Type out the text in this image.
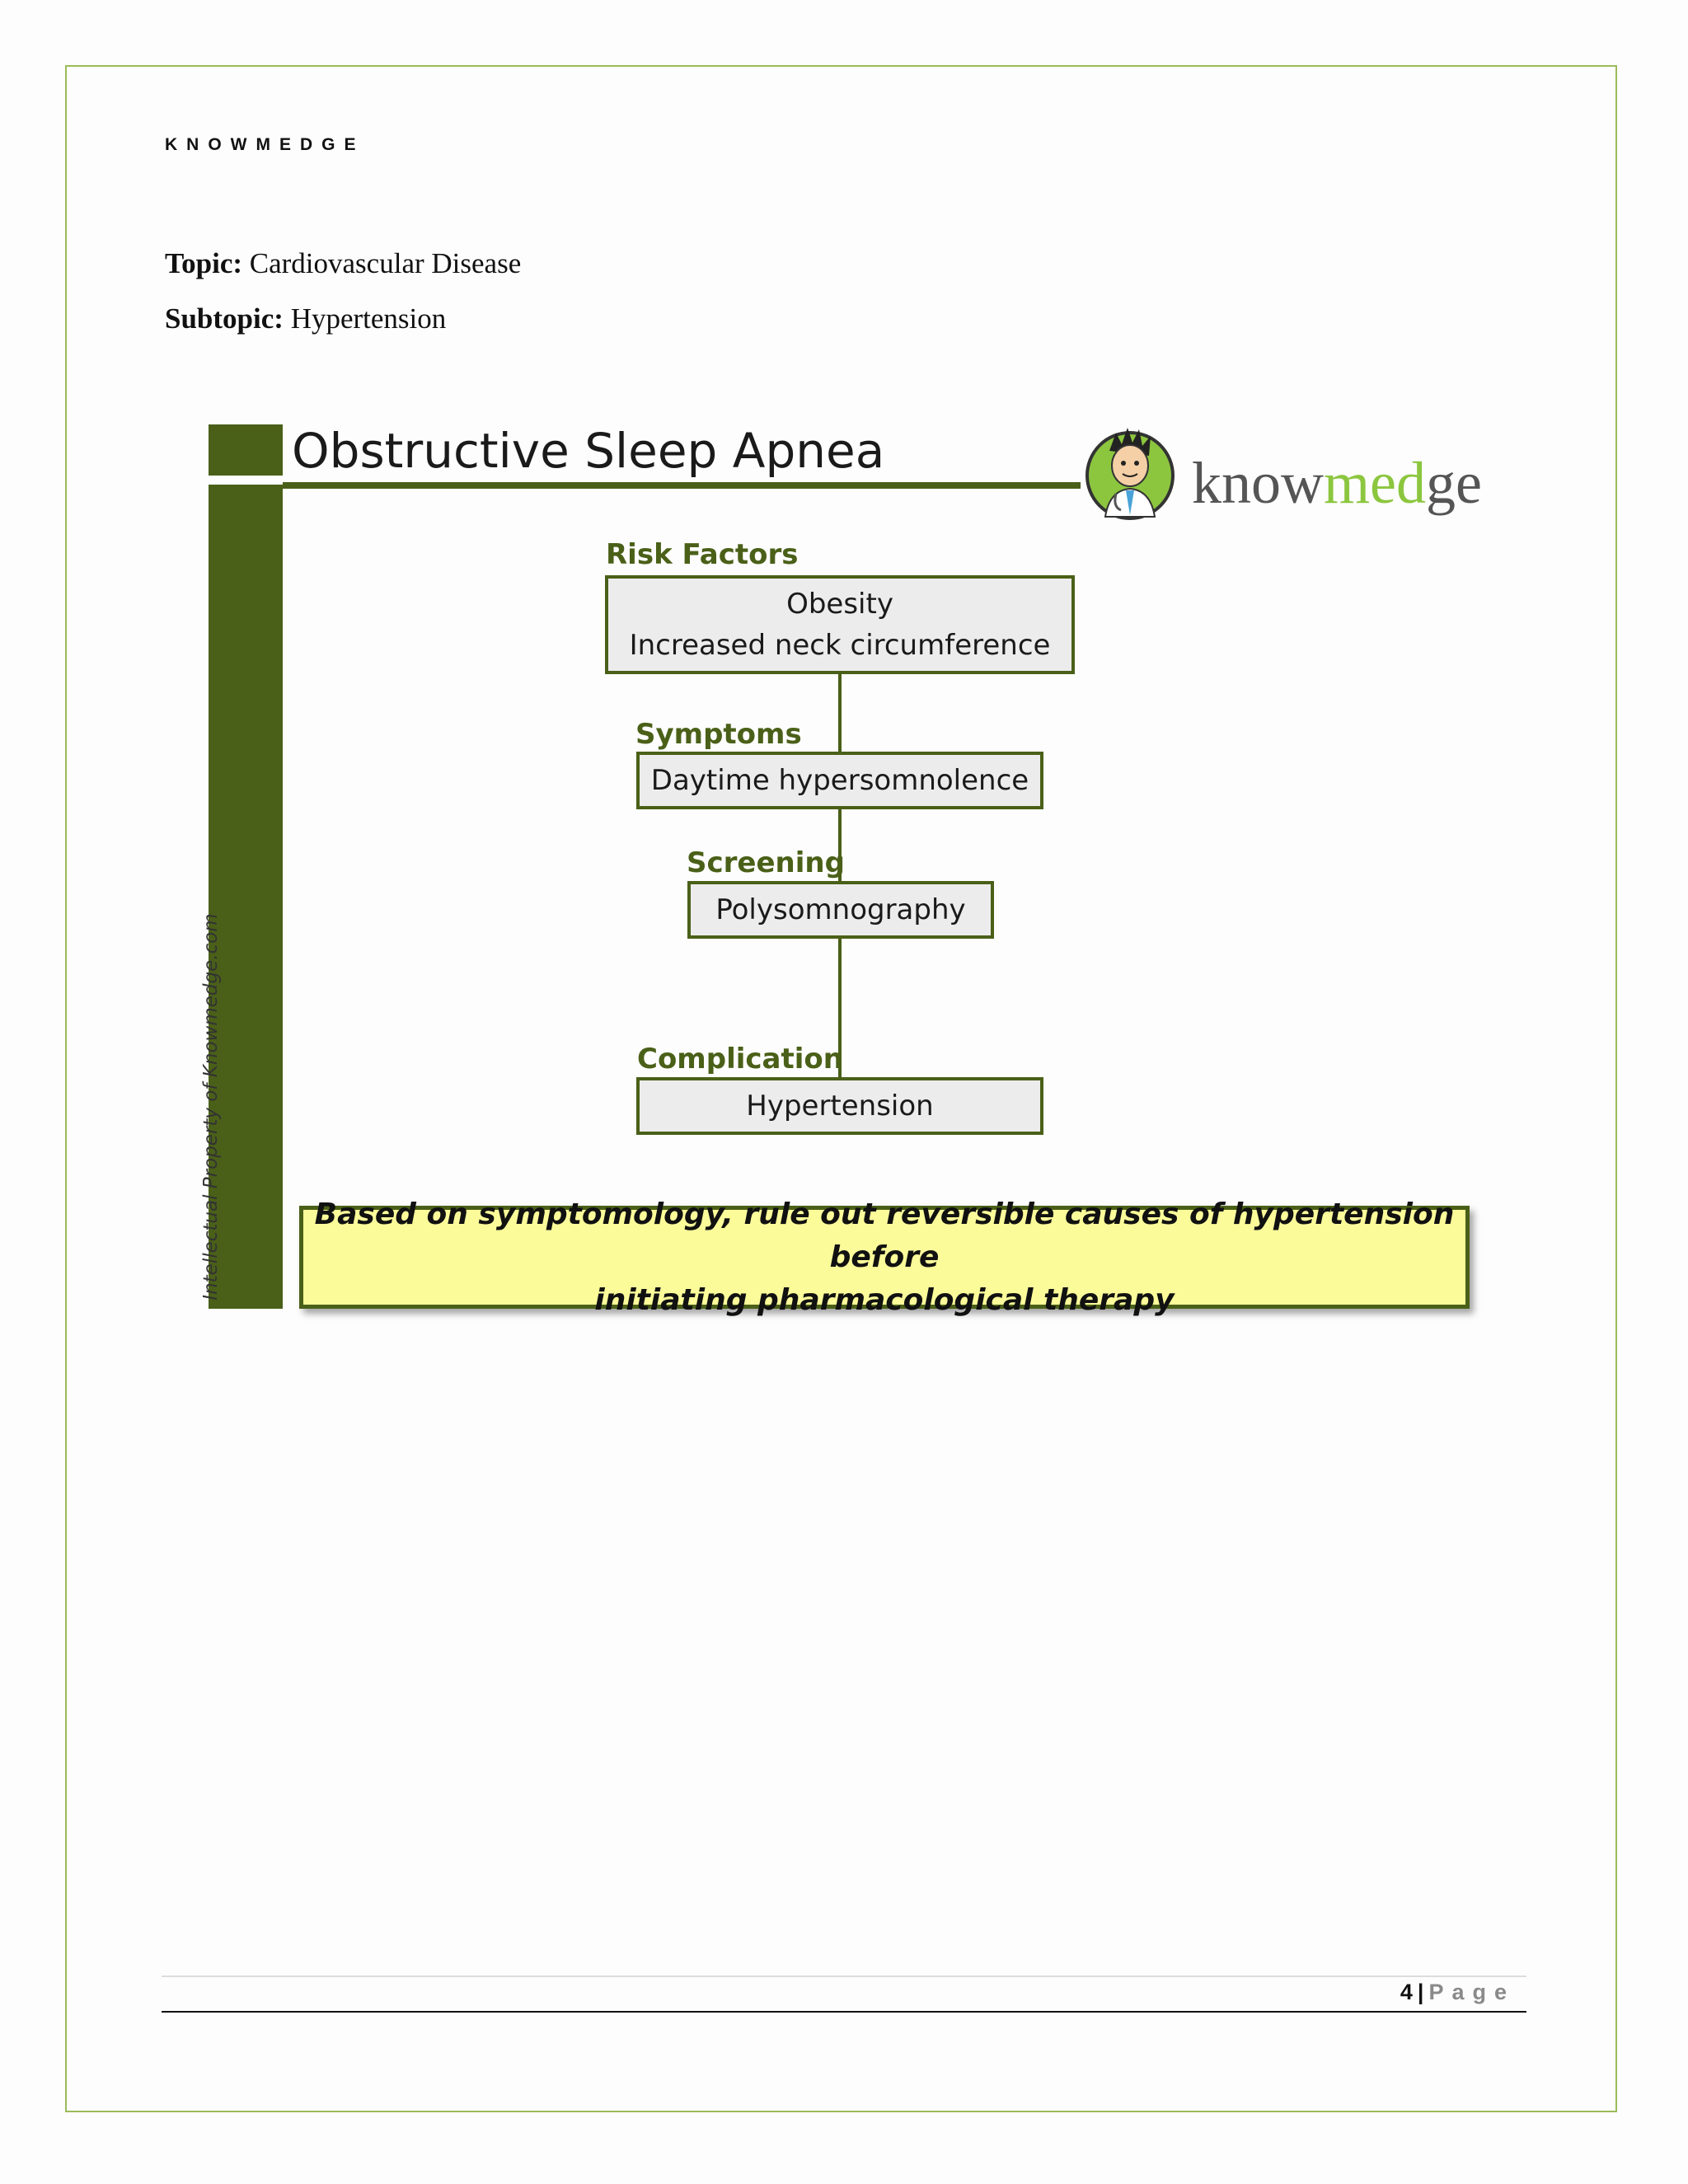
KNOWMEDGE
Topic: Cardiovascular Disease
Subtopic: Hypertension
Obstructive Sleep Apnea
Intellectual Property of Knowmedge.com
knowmedge
Risk Factors
Obesity
Increased neck circumference
Symptoms
Daytime hypersomnolence
Screening
Polysomnography
Complication
Hypertension
Based on symptomology, rule out reversible causes of hypertension before
initiating pharmacological therapy
4 | Page
